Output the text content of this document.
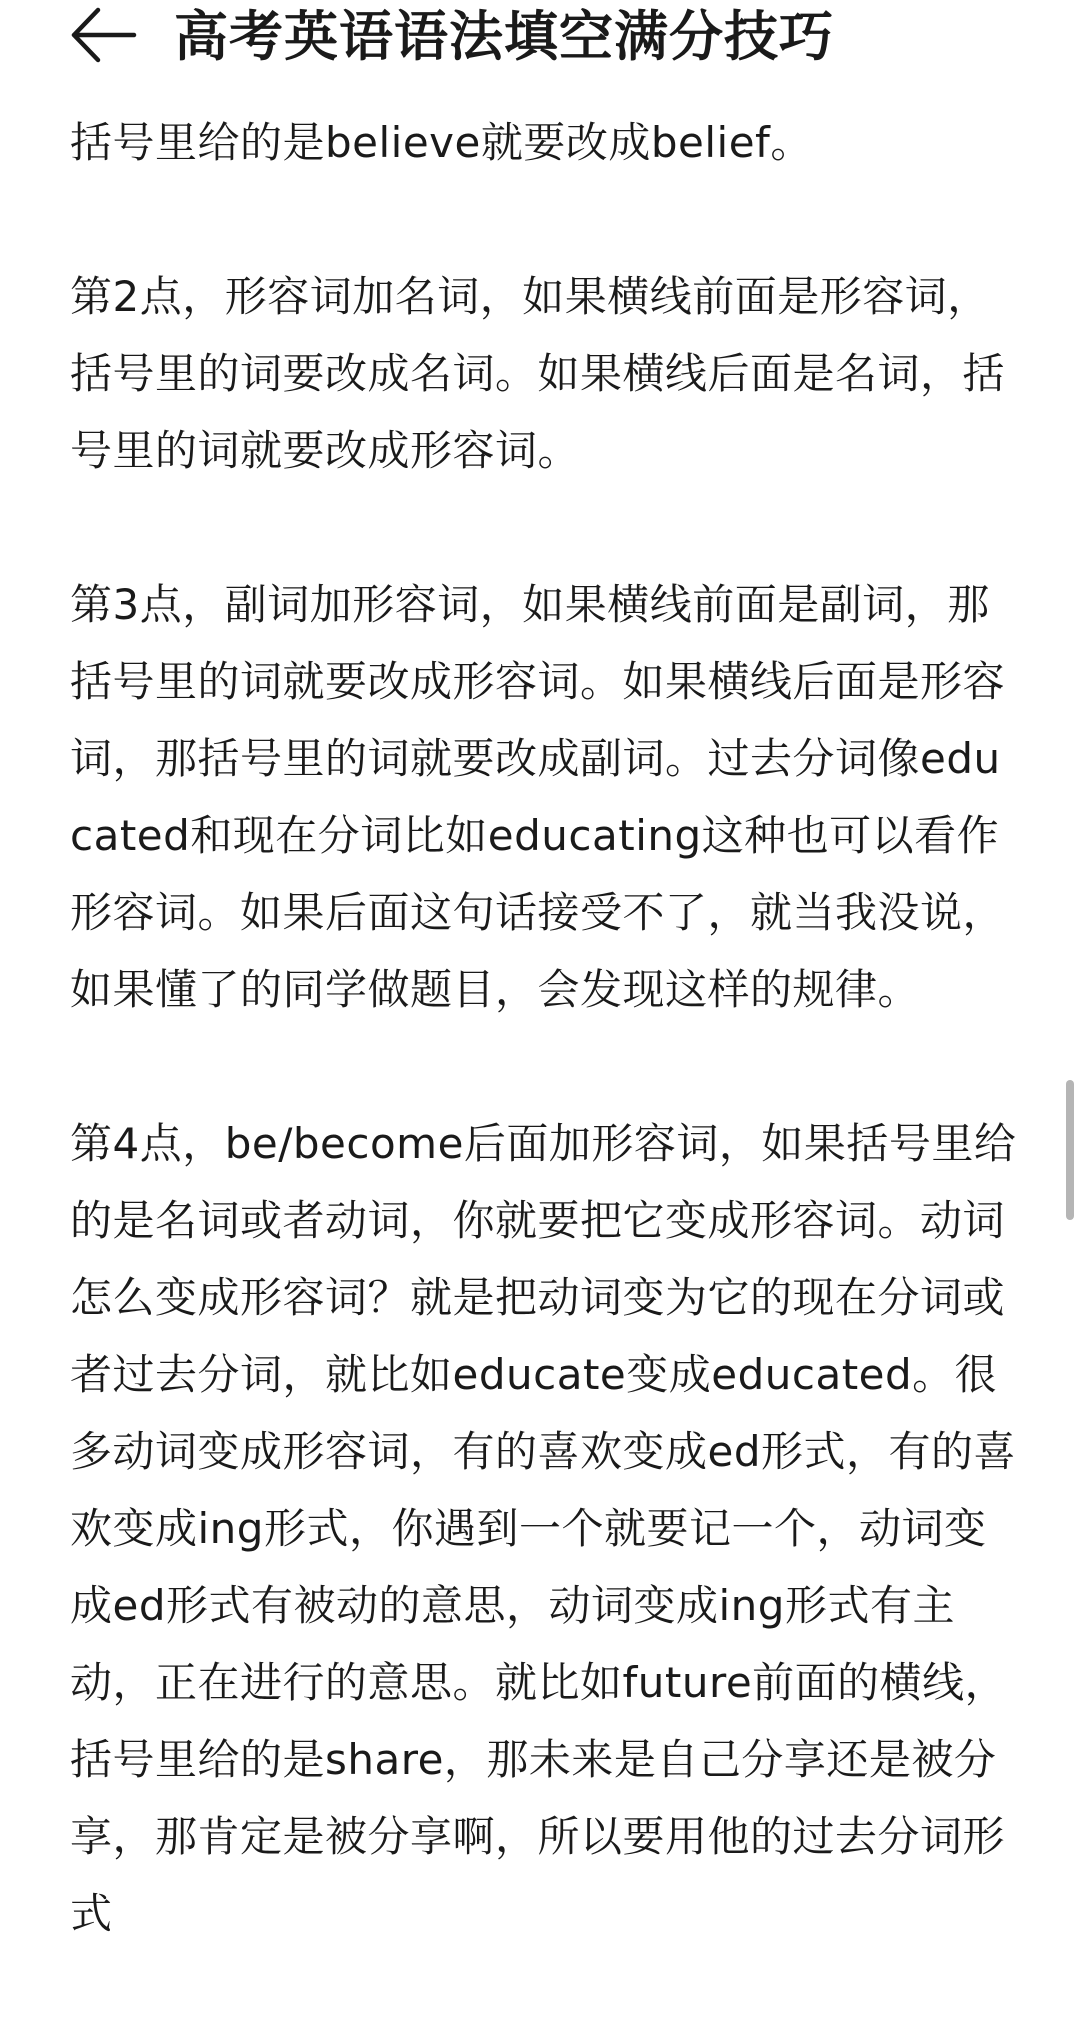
高考英语语法填空满分技巧

括号里给的是believe就要改成belief。

第2点，形容词加名词，如果横线前面是形容词，括号里的词要改成名词。如果横线后面是名词，括号里的词就要改成形容词。

第3点，副词加形容词，如果横线前面是副词，那括号里的词就要改成形容词。如果横线后面是形容词，那括号里的词就要改成副词。过去分词像educated和现在分词比如educating这种也可以看作形容词。如果后面这句话接受不了，就当我没说，如果懂了的同学做题目，会发现这样的规律。

第4点，be/become后面加形容词，如果括号里给的是名词或者动词，你就要把它变成形容词。动词怎么变成形容词？就是把动词变为它的现在分词或者过去分词，就比如educate变成educated。很多动词变成形容词，有的喜欢变成ed形式，有的喜欢变成ing形式，你遇到一个就要记一个，动词变成ed形式有被动的意思，动词变成ing形式有主动，正在进行的意思。就比如future前面的横线，括号里给的是share，那未来是自己分享还是被分享，那肯定是被分享啊，所以要用他的过去分词形式
